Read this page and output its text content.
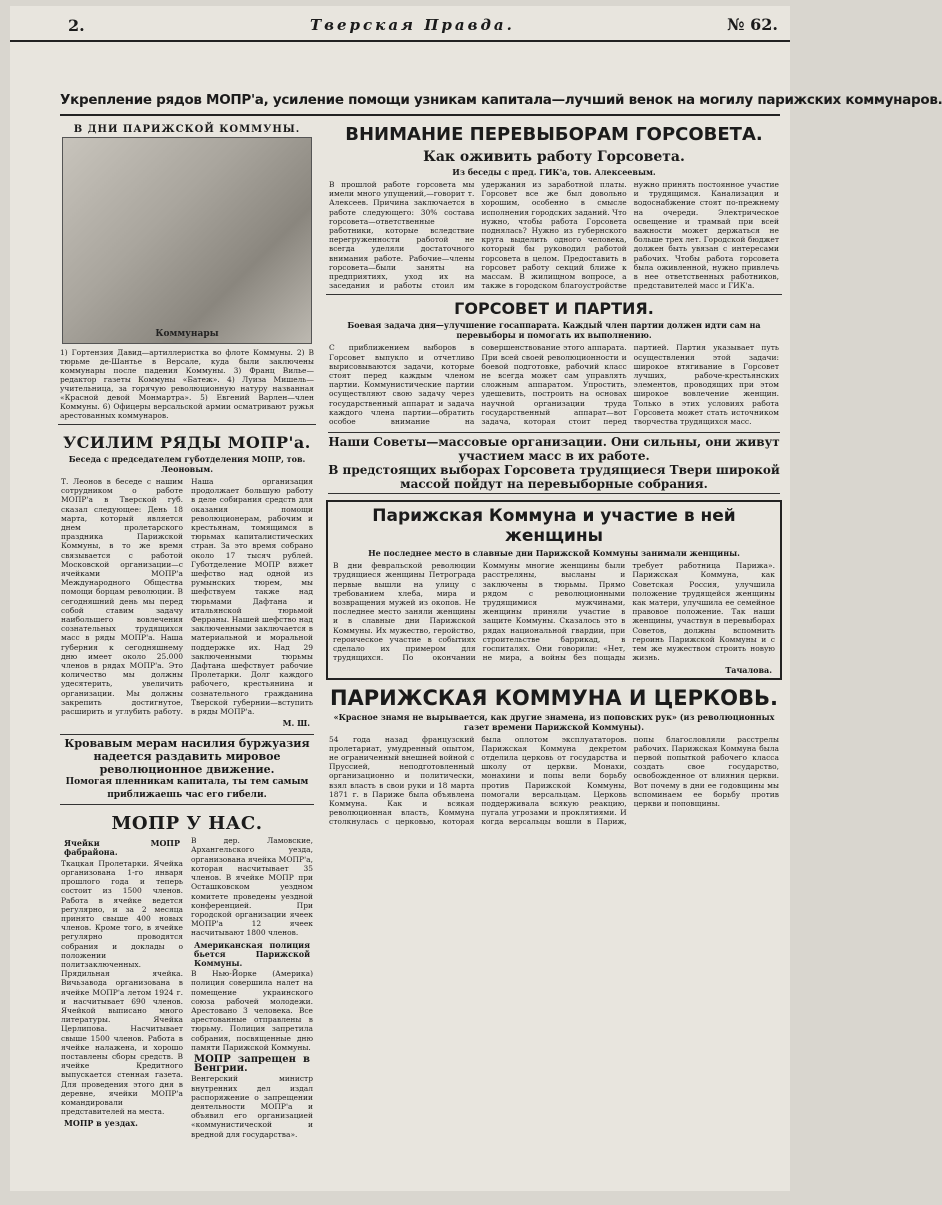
2.	Тверская Правда.	№ 62.
Укрепление рядов МОПР'а, усиление помощи узникам капитала—лучший венок на могилу парижских коммунаров.
В ДНИ ПАРИЖСКОЙ КОММУНЫ.
Коммунары
1) Гортензия Давид—артиллеристка во флоте Коммуны. 2) В тюрьме де-Шантье в Версале, куда были заключены коммунары после падения Коммуны. 3) Франц Вилье—редактор газеты Коммуны «Батеж». 4) Луиза Мишель—учительница, за горячую революционную натуру названная «Красной девой Монмартра». 5) Евгений Варлен—член Коммуны. 6) Офицеры версальской армии осматривают ружья арестованных коммунаров.
УСИЛИМ РЯДЫ МОПР'а.
Беседа с председателем губотделения МОПР, тов. Леоновым.
Т. Леонов в беседе с нашим сотрудником о работе МОПР'а в Тверской губ. сказал следующее: День 18 марта, который является днем пролетарского праздника Парижской Коммуны, в то же время связывается с работой Московской организации—с ячейками МОПР'а Международного Общества помощи борцам революции. В сегодняшний день мы перед собой ставим задачу наибольшего вовлечения сознательных трудящихся масс в ряды МОПР'а. Наша губерния к сегодняшнему дню имеет около 25.000 членов в рядах МОПР'а. Это количество мы должны удесятерить, увеличить организации. Мы должны закрепить достигнутое, расширить и углубить работу. Наша организация продолжает большую работу в деле собирания средств для оказания помощи революционерам, рабочим и крестьянам, томящимся в тюрьмах капиталистических стран. За это время собрано около 17 тысяч рублей. Губотделение МОПР вяжет шефство над одной из румынских тюрем, мы шефствуем также над тюрьмами Дафтана и итальянской тюрьмой Ферраны. Нашей шефство над заключенными заключается в материальной и моральной поддержке их. Над 29 заключенными тюрьмы Дафтана шефствует рабочие Пролетарки. Долг каждого рабочего, крестьянина и сознательного гражданина Тверской губернии—вступить в ряды МОПР'а.
М. Ш.
Кровавым мерам насилия буржуазия надеется раздавить мировое революционное движение.
Помогая пленникам капитала, ты тем самым приближаешь час его гибели.
МОПР У НАС.
Ячейки МОПР фабрайона.
Ткацкая Пролетарки. Ячейка организована 1-го января прошлого года и теперь состоит из 1500 членов. Работа в ячейке ведется регулярно, и за 2 месяца принято свыше 400 новых членов. Кроме того, в ячейке регулярно проводятся собрания и доклады о положении политзаключенных. Прядильная ячейка. Вичьзавода организована в ячейке МОПР'а летом 1924 г. и насчитывает 690 членов. Ячейкой выписано много литературы. Ячейка Церлипова. Насчитывает свыше 1500 членов. Работа в ячейке налажена, и хорошо поставлены сборы средств. В ячейке Кредитного выпускается стенная газета. Для проведения этого дня в деревне, ячейки МОПР'а командировали представителей на места.
МОПР в уездах.
В дер. Ламовские, Архангельского уезда, организована ячейка МОПР'а, которая насчитывает 35 членов. В ячейке МОПР при Осташковском уездном комитете проведены уездной конференцией. При городской организации ячеек МОПР'а 12 ячеек насчитывают 1800 членов.
Американская полиция бьется Парижской Коммуны.
В Нью-Йорке (Америка) полиция совершила налет на помещение украинского союза рабочей молодежи. Арестовано 3 человека. Все арестованные отправлены в тюрьму. Полиция запретила собрания, посвященные дню памяти Парижской Коммуны.
МОПР запрещен в Венгрии.
Венгерский министр внутренних дел издал распоряжение о запрещении деятельности МОПР'а и объявил его организацией «коммунистической и вредной для государства».
ВНИМАНИЕ ПЕРЕВЫБОРАМ ГОРСОВЕТА.
Как оживить работу Горсовета.
Из беседы с пред. ГИК'а, тов. Алексеевым.
В прошлой работе горсовета мы имели много упущений,—говорит т. Алексеев. Причина заключается в работе следующего: 30% состава горсовета—ответственные работники, которые вследствие перегруженности работой не всегда уделяли достаточного внимания работе. Рабочие—члены горсовета—были заняты на предприятиях, уход их на заседания и работы стоил им удержания из заработной платы. Горсовет все же был довольно хорошим, особенно в смысле исполнения городских заданий. Что нужно, чтобы работа Горсовета поднялась? Нужно из губернского круга выделить одного человека, который бы руководил работой горсовета в целом. Предоставить в горсовет работу секций ближе к массам. В жилищном вопросе, а также в городском благоустройстве нужно принять постоянное участие и трудящимся. Канализация и водоснабжение стоят по-прежнему на очереди. Электрическое освещение и трамвай при всей важности может держаться не больше трех лет. Городской бюджет должен быть увязан с интересами рабочих. Чтобы работа горсовета была оживленной, нужно привлечь в нее ответственных работников, представителей масс и ГИК'а.
ГОРСОВЕТ И ПАРТИЯ.
Боевая задача дня—улучшение госаппарата. Каждый член партии должен идти сам на перевыборы и помогать их выполнению.
С приближением выборов в Горсовет выпукло и отчетливо вырисовываются задачи, которые стоят перед каждым членом партии. Коммунистические партии осуществляют свою задачу через государственный аппарат и задача каждого члена партии—обратить особое внимание на совершенствование этого аппарата. При всей своей революционности и боевой подготовке, рабочий класс не всегда может сам управлять сложным аппаратом. Упростить, удешевить, построить на основах научной организации труда государственный аппарат—вот задача, которая стоит перед партией. Партия указывает путь осуществления этой задачи: широкое втягивание в Горсовет лучших, рабоче-крестьянских элементов, проводящих при этом широкое вовлечение женщин. Только в этих условиях работа Горсовета может стать источником творчества трудящихся масс.
Наши Советы—массовые организации. Они сильны, они живут участием масс в их работе.
В предстоящих выборах Горсовета трудящиеся Твери широкой массой пойдут на перевыборные собрания.
Парижская Коммуна и участие в ней женщины
Не последнее место в славные дни Парижской Коммуны занимали женщины.
В дни февральской революции трудящиеся женщины Петрограда первые вышли на улицу с требованием хлеба, мира и возвращения мужей из окопов. Не последнее место заняли женщины и в славные дни Парижской Коммуны. Их мужество, геройство, героическое участие в событиях сделало их примером для трудящихся. По окончании Коммуны многие женщины были расстреляны, высланы и заключены в тюрьмы. Прямо рядом с революционными трудящимися мужчинами, женщины приняли участие в защите Коммуны. Сказалось это в рядах национальной гвардии, при строительстве баррикад, в госпиталях. Они говорили: «Нет, не мира, а войны без пощады требует работница Парижа». Парижская Коммуна, как Советская Россия, улучшила положение трудящейся женщины как матери, улучшила ее семейное правовое положение. Так наши женщины, участвуя в перевыборах Советов, должны вспомнить героинь Парижской Коммуны и с тем же мужеством строить новую жизнь.
Тачалова.
ПАРИЖСКАЯ КОММУНА И ЦЕРКОВЬ.
«Красное знамя не вырывается, как другие знамена, из поповских рук» (из революционных газет времени Парижской Коммуны).
54 года назад французский пролетариат, умудренный опытом, не ограниченный внешней войной с Пруссией, неподготовленный организационно и политически, взял власть в свои руки и 18 марта 1871 г. в Париже была объявлена Коммуна. Как и всякая революционная власть, Коммуна столкнулась с церковью, которая была оплотом эксплуататоров. Парижская Коммуна декретом отделила церковь от государства и школу от церкви. Монахи, монахини и попы вели борьбу против Парижской Коммуны, помогали версальцам. Церковь поддерживала всякую реакцию, пугала угрозами и проклятиями. И когда версальцы вошли в Париж, попы благословляли расстрелы рабочих. Парижская Коммуна была первой попыткой рабочего класса создать свое государство, освобожденное от влияния церкви. Вот почему в дни ее годовщины мы вспоминаем ее борьбу против церкви и поповщины.
